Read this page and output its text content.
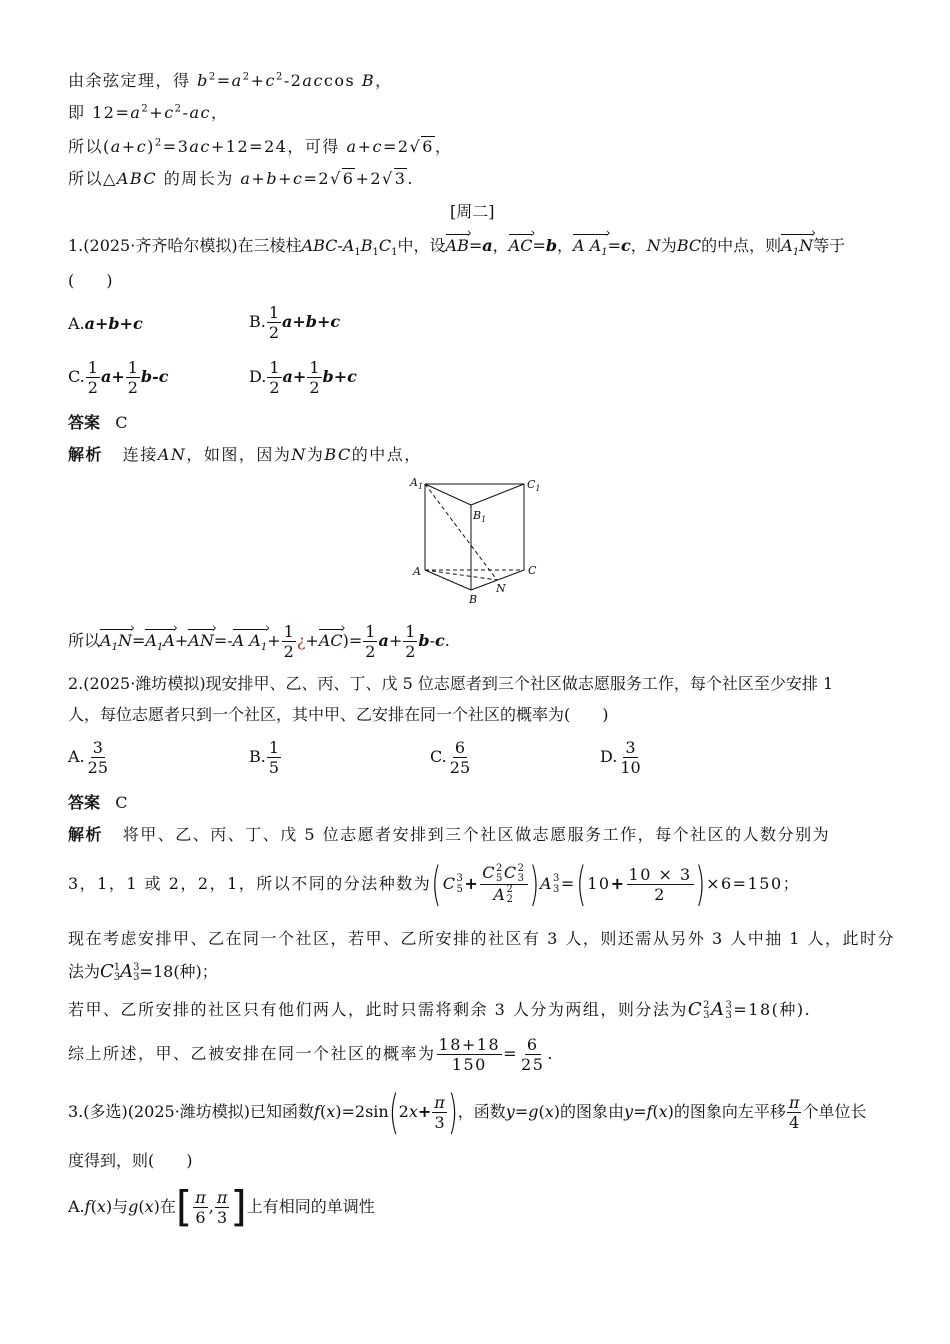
由余弦定理，得 $b^2=a^2+c^2-2accos$ B，
即 $12=a^2+c^2-ac$，
所以$(a+c)^2=3ac+12=24$，可得 a+c=2√6，
所以△ABC 的周长为 a+b+c=2√6+2√3.
[周二]
1.(2025·齐齐哈尔模拟)在三棱柱ABC-$A_1B_1C_1$中，设AB ›=a，AC ›=b，A $A_1$ ›=c，N为BC的中点，则$A_1N$ ›等于
(　　)
A.a+b+c	B. $\frac{1}{2} a+b+c$
C. $\frac{1}{2} a+ \frac{1}{2} b-c$	D. $\frac{1}{2} a+ \frac{1}{2} b+c$
答案 C
解析 连接AN，如图，因为N为BC的中点，
$A_1$	$C_1$
$B_1$
A	C
B
N
所以$A_1N$ $›=A_1A$ ›+AN ›=-A $A_1$ ›+ $\frac{1}{2}$ ¿+AC ›)= $\frac{1}{2} a+ \frac{1}{2} b-c$.
2.(2025·潍坊模拟)现安排甲、乙、丙、丁、戊 5 位志愿者到三个社区做志愿服务工作，每个社区至少安排 1
人，每位志愿者只到一个社区，其中甲、乙安排在同一个社区的概率为(　　)
A. $\frac{3}{25}$	B. $\frac{1}{5}$	C. $\frac{6}{25}$	D. $\frac{3}{10}$
答案 C
解析 将甲、乙、丙、丁、戊 5 位志愿者安排到三个社区做志愿服务工作，每个社区的人数分别为
3，1，1 或 2，2，1，所以不同的分法种数为 ( C 3
5 + C 2
5 C 2
3
A 2
2 ) A 3
3 = ( $10 + \frac{10 \times 3}{2}$ ) ×6=150；
现在考虑安排甲、乙在同一个社区，若甲、乙所安排的社区有 3 人，则还需从另外 3 人中抽 1 人，此时分
法为C 1
3 A 3
3 =18(种)；
若甲、乙所安排的社区只有他们两人，此时只需将剩余 3 人分为两组，则分法为C 2
3 A 3
3 =18(种).
综上所述，甲、乙被安排在同一个社区的概率为 $\frac{18+18}{150} = \frac{6}{25}$ .
3.(多选)(2025·潍坊模拟)已知函数 f ( x )=2sin ( 2 $x + \frac{\pi}{3}$ ) ，函数 y = g ( x )的图象由 y = f ( x )的图象向左平移 $\frac{\pi}{4}$ 个单位长
度得到，则(　　)
A. f ( x )与 g ( x )在 [ $\frac{\pi}{6}$ , $\frac{\pi}{3}$ ] 上有相同的单调性
